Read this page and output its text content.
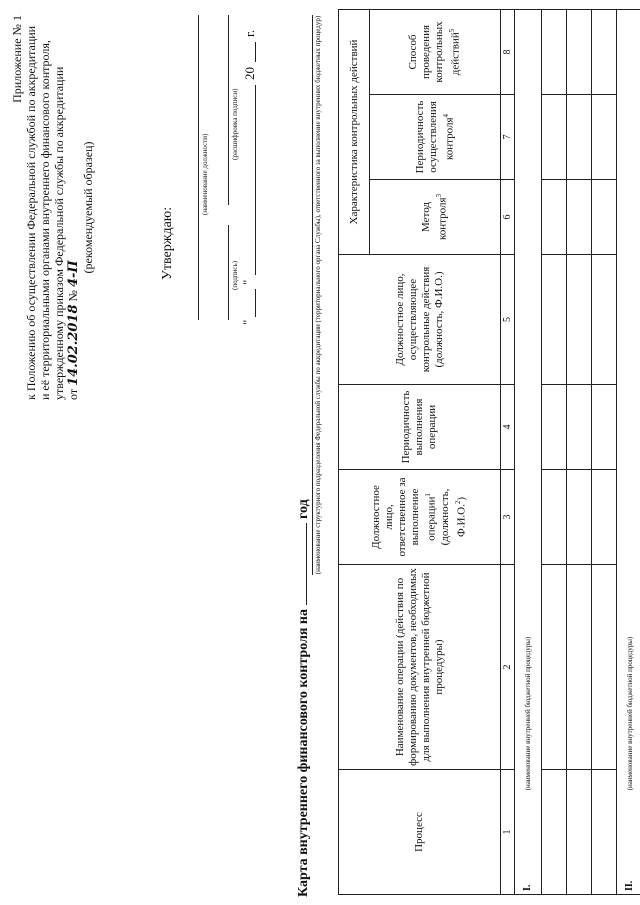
Приложение № 1 к Положению об осуществлении Федеральной службой по аккредитации и её территориальными органами внутреннего финансового контроля, утвержденному приказом Федеральной службы по аккредитации от 14.02.2018 № 4-П
(рекомендуемый образец)	Утверждаю:
(наименование должности)
(подпись)
(расшифровка подписи)
"
"
20
г.
Карта внутреннего финансового контроля нагод (наименование структурного подразделения Федеральной службы по аккредитации (территориального органа Службы), ответственного за выполнение внутренних бюджетных процедур)
Процесс	Наименование операции (действия по формированию документов, необходимых для выполнения внутренней бюджетной процедуры)	Должностное лицо, ответственное за выполнение операции$^1$ (должность, Ф.И.О.$^2$)	Периодичность выполнения операции	Должностное лицо, осуществляющее контрольные действия (должность, Ф.И.О.)	Характеристика контрольных действий		
					Метод контроля$^3$	Периодичность осуществления контроля$^4$	Способ проведения контрольных действий$^5$
1	2	3	4	5	6	7	8
I. (наименование внутренней бюджетной процедуры)							

II. (наименование внутренней бюджетной процедуры)							
